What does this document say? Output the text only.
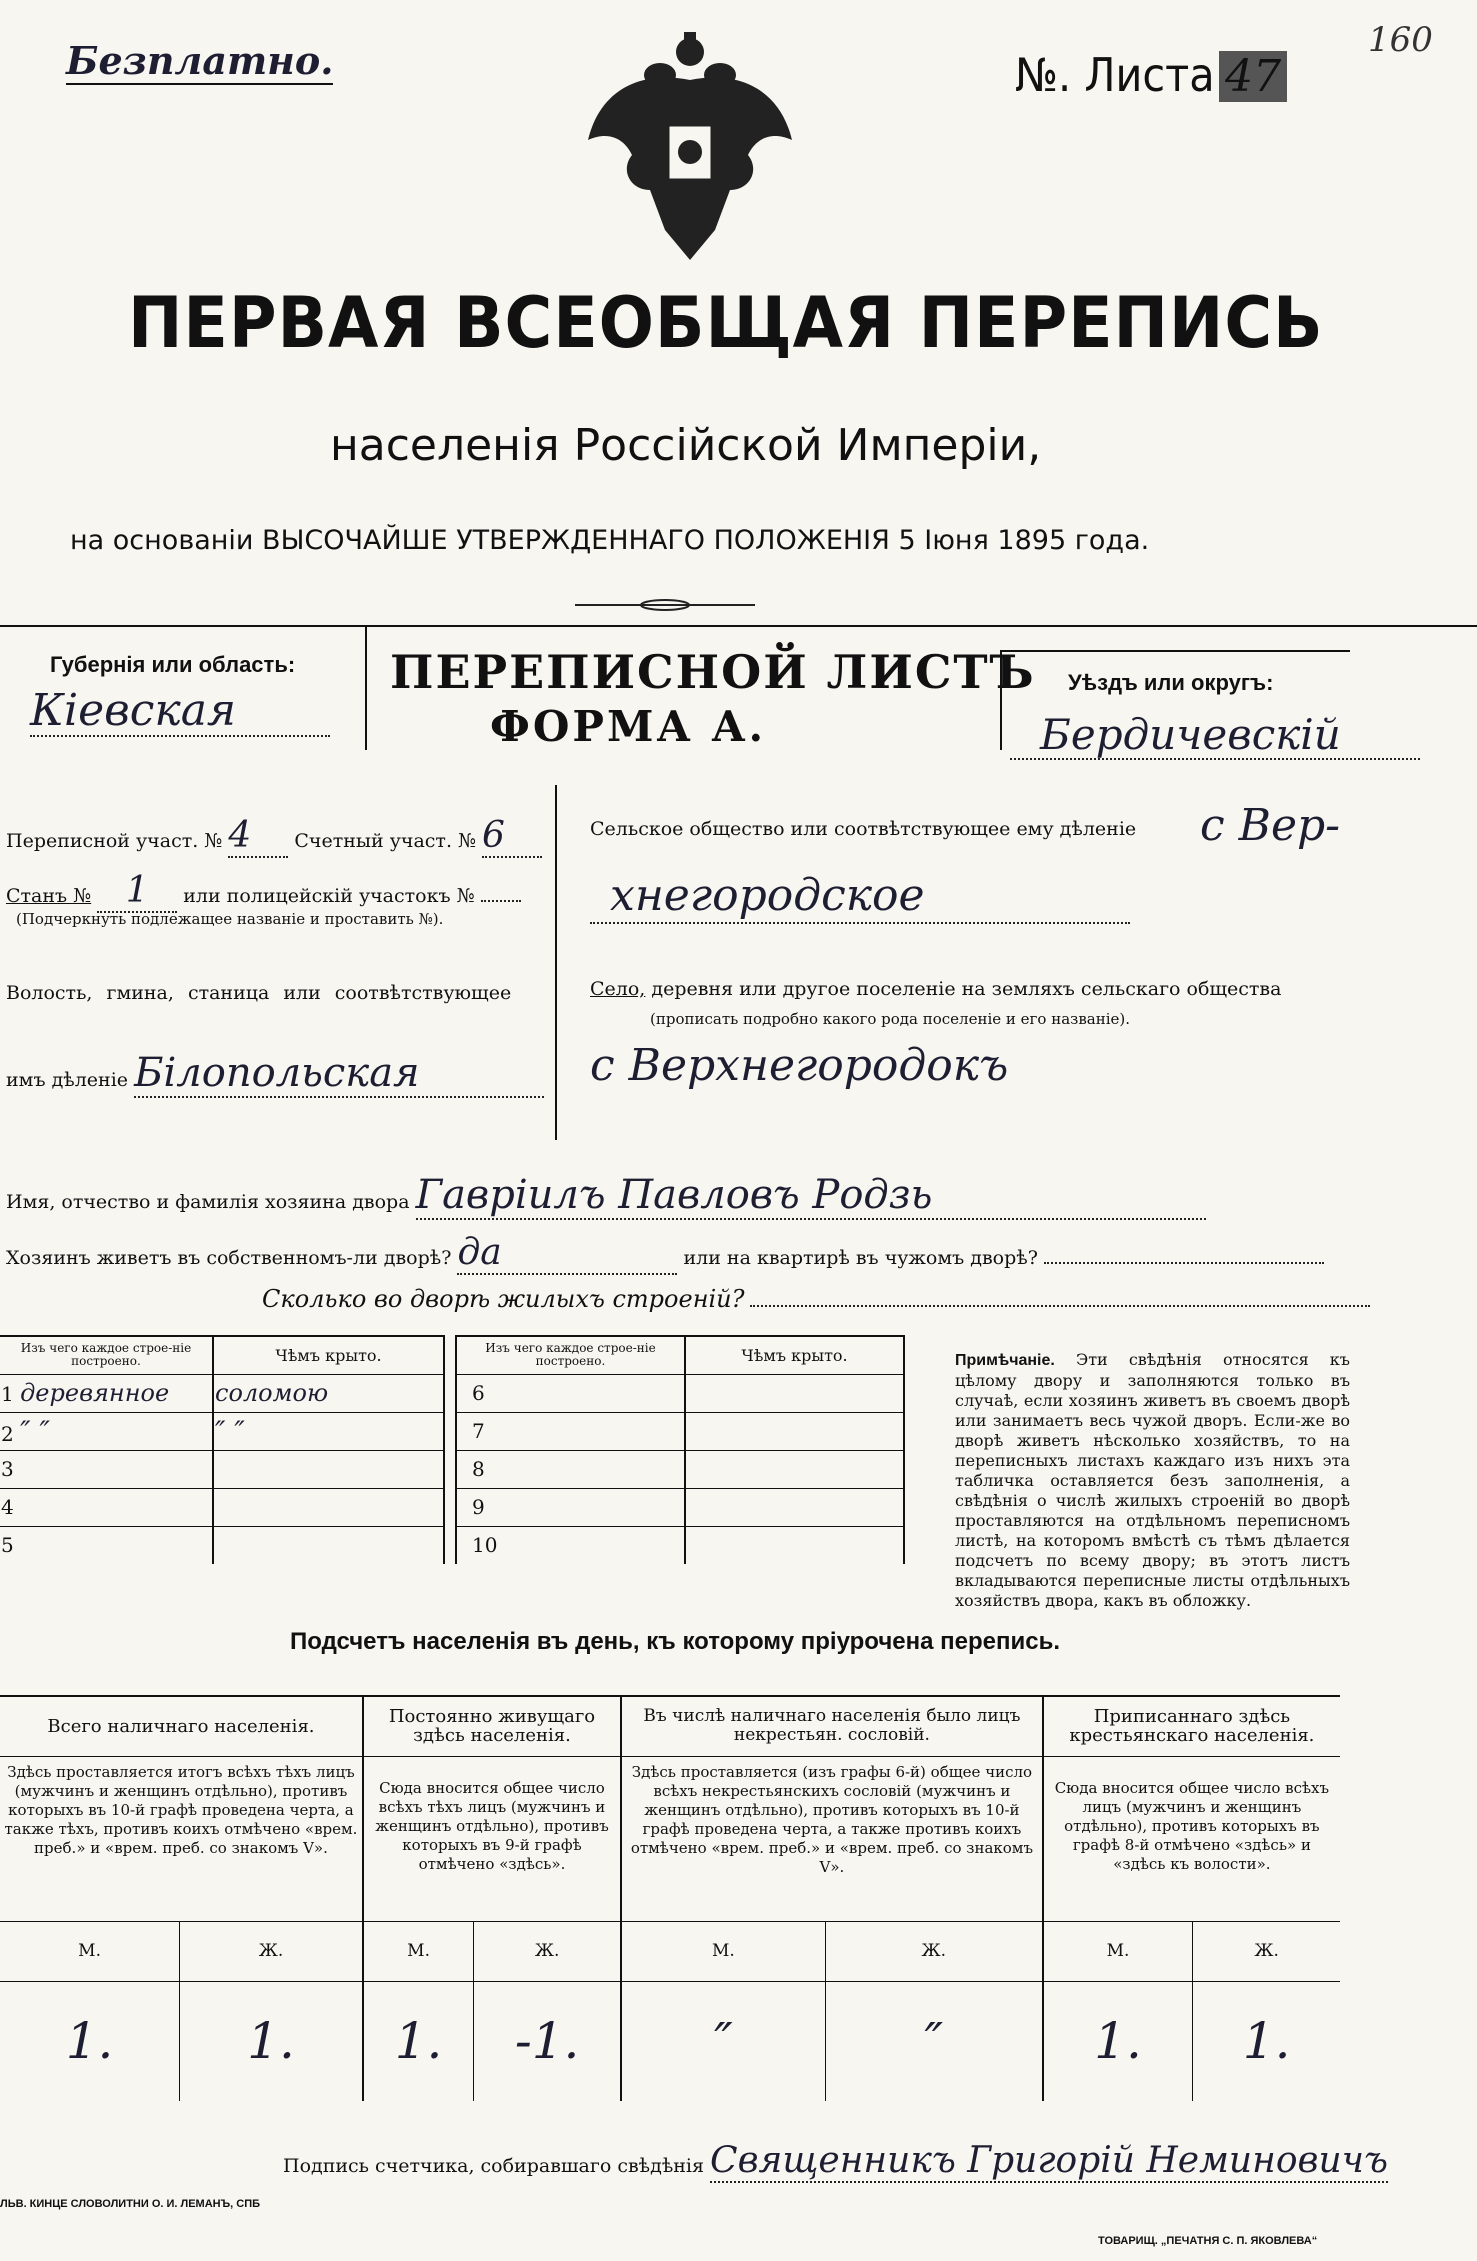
Безплатно.	№. Листа 47
160
ПЕРВАЯ ВСЕОБЩАЯ ПЕРЕПИСЬ
населенія Россійской Имперіи,
на основаніи ВЫСОЧАЙШЕ УТВЕРЖДЕННАГО ПОЛОЖЕНІЯ 5 Іюня 1895 года.
Губернія или область:
Кіевская
ПЕРЕПИСНОЙ ЛИСТЪ
ФОРМА А.
Уѣздъ или округъ:
Бердичевскій
Переписной участ. № 4 Счетный участ. № 6
Станъ № 1 или полицейскій участокъ №
(Подчеркнуть подлежащее названіе и проставить №).
Волость, гмина, станица или соотвѣтствующее
имъ дѣленіе Білопольская
Сельское общество или соотвѣтствующее ему дѣленіе с Вер-
хнегородское
Село, деревня или другое поселеніе на земляхъ сельскаго общества
(прописать подробно какого рода поселеніе и его названіе).
с Верхнегородокъ
Имя, отчество и фамилія хозяина двора Гавріилъ Павловъ Родзь
Хозяинъ живетъ въ собственномъ-ли дворѣ? да	или на квартирѣ въ чужомъ дворѣ?
Сколько во дворѣ жилыхъ строеній?
Изъ чего каждое строе-ніе построено.	Чѣмъ крыто.
1 деревянное	соломою
2 ″ ″	″ ″
3	
4	
5	
Изъ чего каждое строе-ніе построено.	Чѣмъ крыто.
6	
7	
8	
9	
10	
Примѣчаніе. Эти свѣдѣнія относятся къ цѣлому двору и заполняются только въ случаѣ, если хозяинъ живетъ въ своемъ дворѣ или занимаетъ весь чужой дворъ. Если-же во дворѣ живетъ нѣсколько хозяйствъ, то на переписныхъ листахъ каждаго изъ нихъ эта табличка оставляется безъ заполненія, а свѣдѣнія о числѣ жилыхъ строеній во дворѣ проставляются на отдѣльномъ переписномъ листѣ, на которомъ вмѣстѣ съ тѣмъ дѣлается подсчетъ по всему двору; въ этотъ листъ вкладываются переписные листы отдѣльныхъ хозяйствъ двора, какъ въ обложку.
Подсчетъ населенія въ день, къ которому пріурочена перепись.
Всего наличнаго населенія.		Постоянно живущаго здѣсь населенія.		Въ числѣ наличнаго населенія было лицъ некрестьян. сословій.		Приписаннаго здѣсь крестьянскаго населенія.	
Здѣсь проставляется итогъ всѣхъ тѣхъ лицъ (мужчинъ и женщинъ отдѣльно), противъ которыхъ въ 10-й графѣ проведена черта, а также тѣхъ, противъ коихъ отмѣчено «врем. преб.» и «врем. преб. со знакомъ V».		Сюда вносится общее число всѣхъ тѣхъ лицъ (мужчинъ и женщинъ отдѣльно), противъ которыхъ въ 9-й графѣ отмѣчено «здѣсь».		Здѣсь проставляется (изъ графы 6-й) общее число всѣхъ некрестьянскихъ сословій (мужчинъ и женщинъ отдѣльно), противъ которыхъ въ 10-й графѣ проведена черта, а также противъ коихъ отмѣчено «врем. преб.» и «врем. преб. со знакомъ V».		Сюда вносится общее число всѣхъ лицъ (мужчинъ и женщинъ отдѣльно), противъ которыхъ въ графѣ 8-й отмѣчено «здѣсь» и «здѣсь къ волости».	
М.	Ж.	М.	Ж.	М.	Ж.	М.	Ж.
1.	1.	1.	-1.	″	″	1.	1.
Подпись счетчика, собиравшаго свѣдѣнія Священникъ Григорій Неминовичъ
ЛЬВ. КИНЦЕ СЛОВОЛИТНИ О. И. ЛЕМАНЪ, СПБ
ТОВАРИЩ. „ПЕЧАТНЯ С. П. ЯКОВЛЕВА“
